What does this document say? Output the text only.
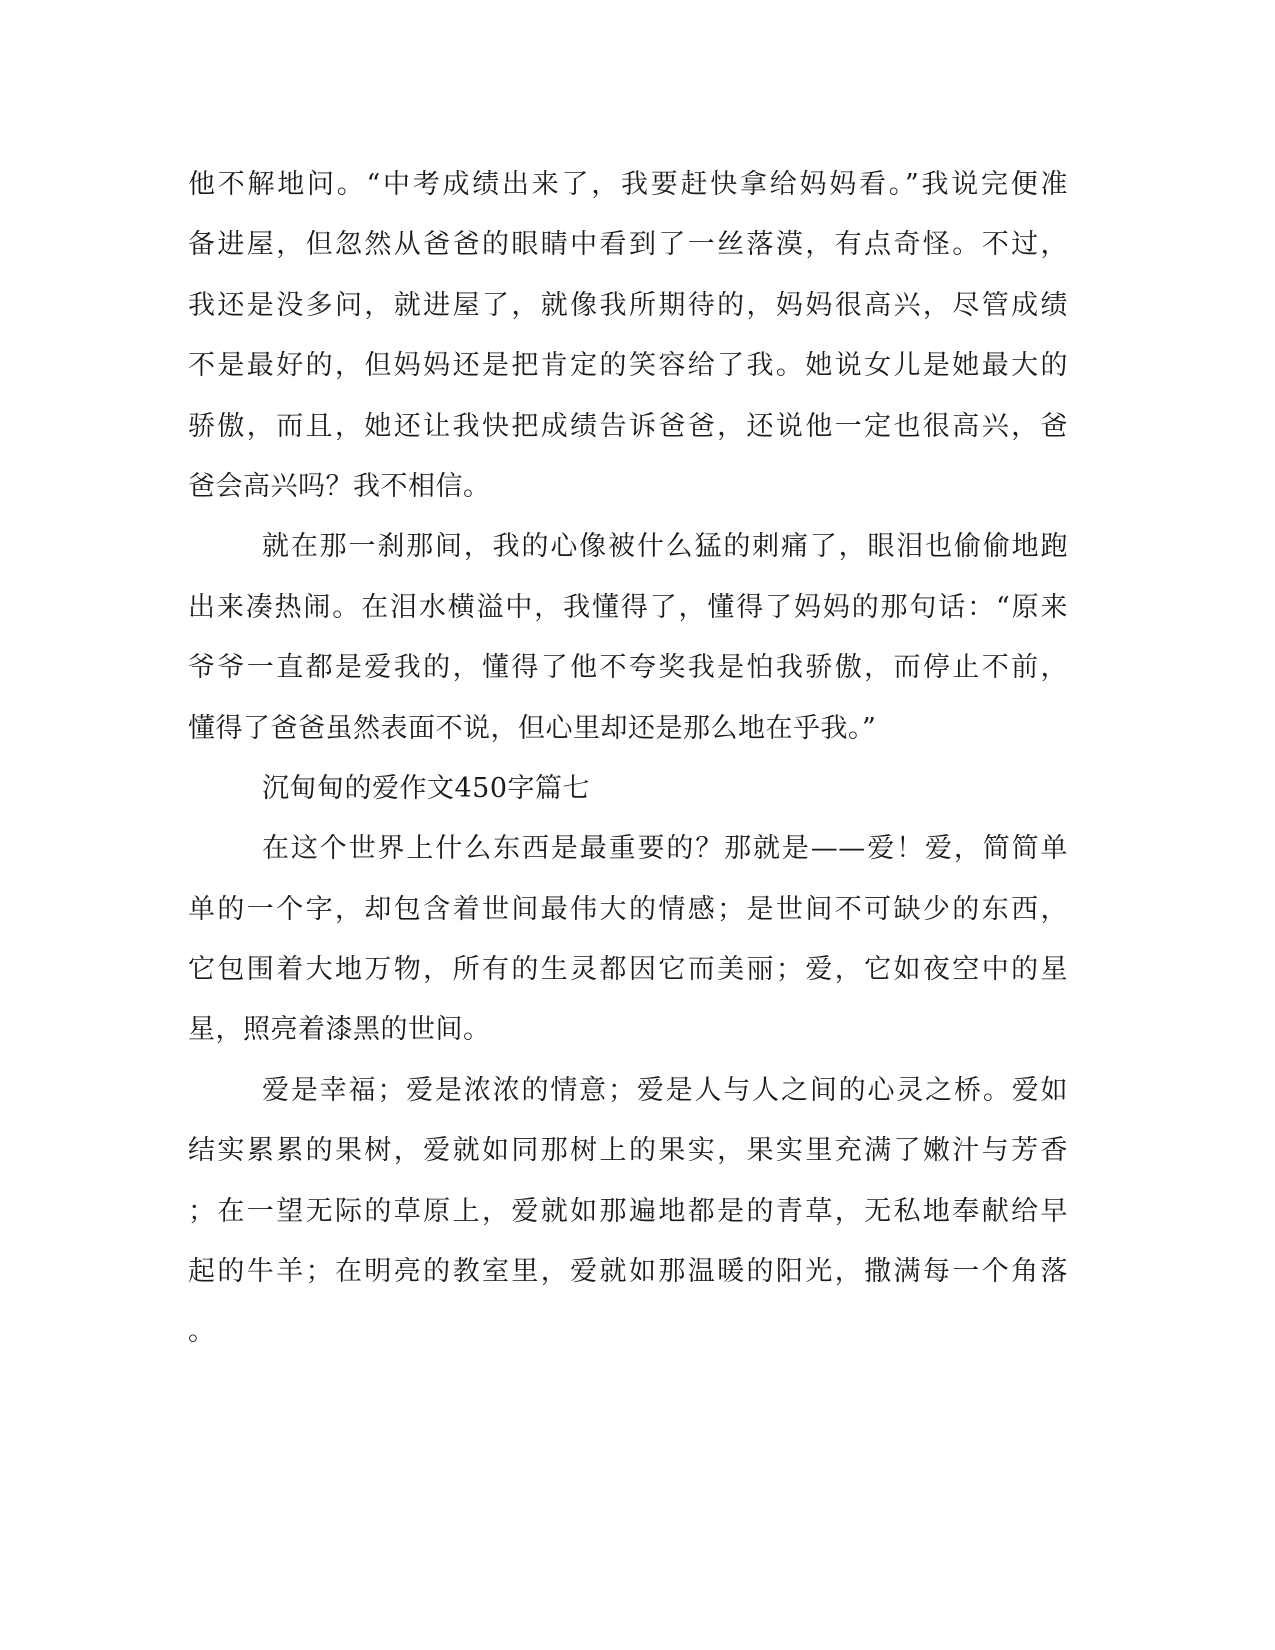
他不解地问。“中考成绩出来了，我要赶快拿给妈妈看。”我说完便准
备进屋，但忽然从爸爸的眼睛中看到了一丝落漠，有点奇怪。不过，
我还是没多问，就进屋了，就像我所期待的，妈妈很高兴，尽管成绩
不是最好的，但妈妈还是把肯定的笑容给了我。她说女儿是她最大的
骄傲，而且，她还让我快把成绩告诉爸爸，还说他一定也很高兴，爸
爸会高兴吗？我不相信。
就在那一刹那间，我的心像被什么猛的刺痛了，眼泪也偷偷地跑
出来凑热闹。在泪水横溢中，我懂得了，懂得了妈妈的那句话：“原来
爷爷一直都是爱我的，懂得了他不夸奖我是怕我骄傲，而停止不前，
懂得了爸爸虽然表面不说，但心里却还是那么地在乎我。”
沉甸甸的爱作文450字篇七
在这个世界上什么东西是最重要的？那就是——爱！爱，简简单
单的一个字，却包含着世间最伟大的情感；是世间不可缺少的东西，
它包围着大地万物，所有的生灵都因它而美丽；爱，它如夜空中的星
星，照亮着漆黑的世间。
爱是幸福；爱是浓浓的情意；爱是人与人之间的心灵之桥。爱如
结实累累的果树，爱就如同那树上的果实，果实里充满了嫩汁与芳香
；在一望无际的草原上，爱就如那遍地都是的青草，无私地奉献给早
起的牛羊；在明亮的教室里，爱就如那温暖的阳光，撒满每一个角落
。
